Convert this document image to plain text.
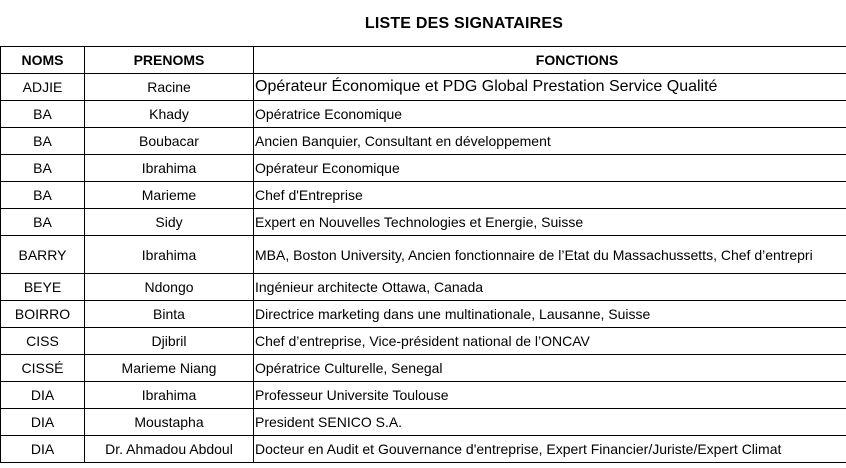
LISTE DES SIGNATAIRES
NOMS	PRENOMS	FONCTIONS
ADJIE	Racine	Opérateur Économique et PDG Global Prestation Service Qualité
BA	Khady	Opératrice Economique
BA	Boubacar	Ancien Banquier, Consultant en développement
BA	Ibrahima	Opérateur Economique
BA	Marieme	Chef d'Entreprise
BA	Sidy	Expert en Nouvelles Technologies et Energie, Suisse
BARRY	Ibrahima	MBA, Boston University, Ancien fonctionnaire de l’Etat du Massachussetts, Chef d’entrepri
BEYE	Ndongo	Ingénieur architecte Ottawa, Canada
BOIRRO	Binta	Directrice marketing dans une multinationale, Lausanne, Suisse
CISS	Djibril	Chef d’entreprise, Vice-président national de l’ONCAV
CISSÉ	Marieme Niang	Opératrice Culturelle, Senegal
DIA	Ibrahima	Professeur Universite Toulouse
DIA	Moustapha	President SENICO S.A.
DIA	Dr. Ahmadou Abdoul	Docteur en Audit et Gouvernance d'entreprise, Expert Financier/Juriste/Expert Climat
